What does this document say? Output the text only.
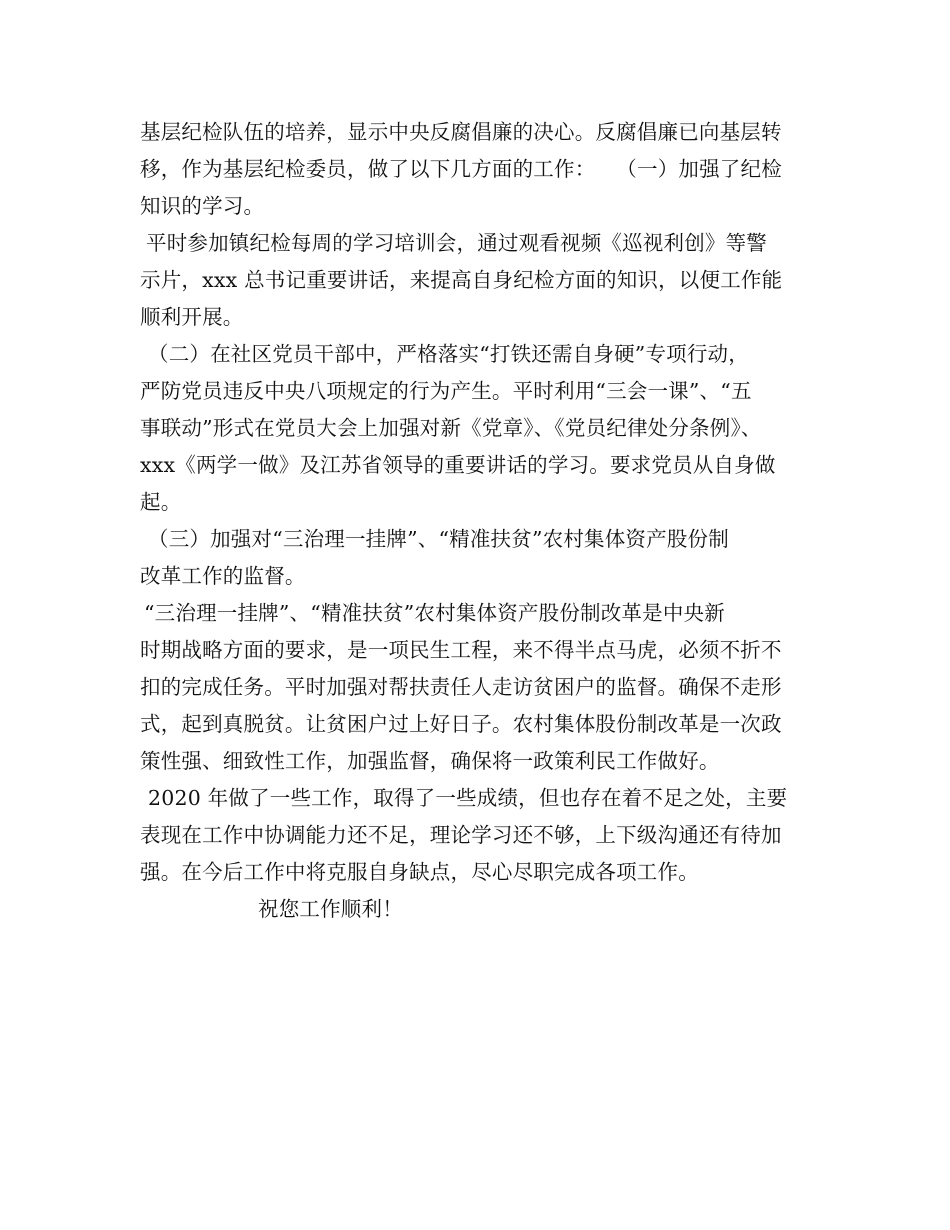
基层纪检队伍的培养，显示中央反腐倡廉的决心。反腐倡廉已向基层转
移，作为基层纪检委员，做了以下几方面的工作：　　（一）加强了纪检
知识的学习。
平时参加镇纪检每周的学习培训会，通过观看视频《巡视利创》等警
示片，xxx 总书记重要讲话，来提高自身纪检方面的知识，以便工作能
顺利开展。
（二）在社区党员干部中，严格落实“打铁还需自身硬”专项行动，
严防党员违反中央八项规定的行为产生。平时利用“三会一课”、“五
事联动”形式在党员大会上加强对新《党章》、《党员纪律处分条例》、
xxx《两学一做》及江苏省领导的重要讲话的学习。要求党员从自身做
起。
（三）加强对“三治理一挂牌”、“精准扶贫”农村集体资产股份制
改革工作的监督。
“三治理一挂牌”、“精准扶贫”农村集体资产股份制改革是中央新
时期战略方面的要求，是一项民生工程，来不得半点马虎，必须不折不
扣的完成任务。平时加强对帮扶责任人走访贫困户的监督。确保不走形
式，起到真脱贫。让贫困户过上好日子。农村集体股份制改革是一次政
策性强、细致性工作，加强监督，确保将一政策利民工作做好。
2020 年做了一些工作，取得了一些成绩，但也存在着不足之处，主要
表现在工作中协调能力还不足，理论学习还不够，上下级沟通还有待加
强。在今后工作中将克服自身缺点，尽心尽职完成各项工作。
祝您工作顺利！
